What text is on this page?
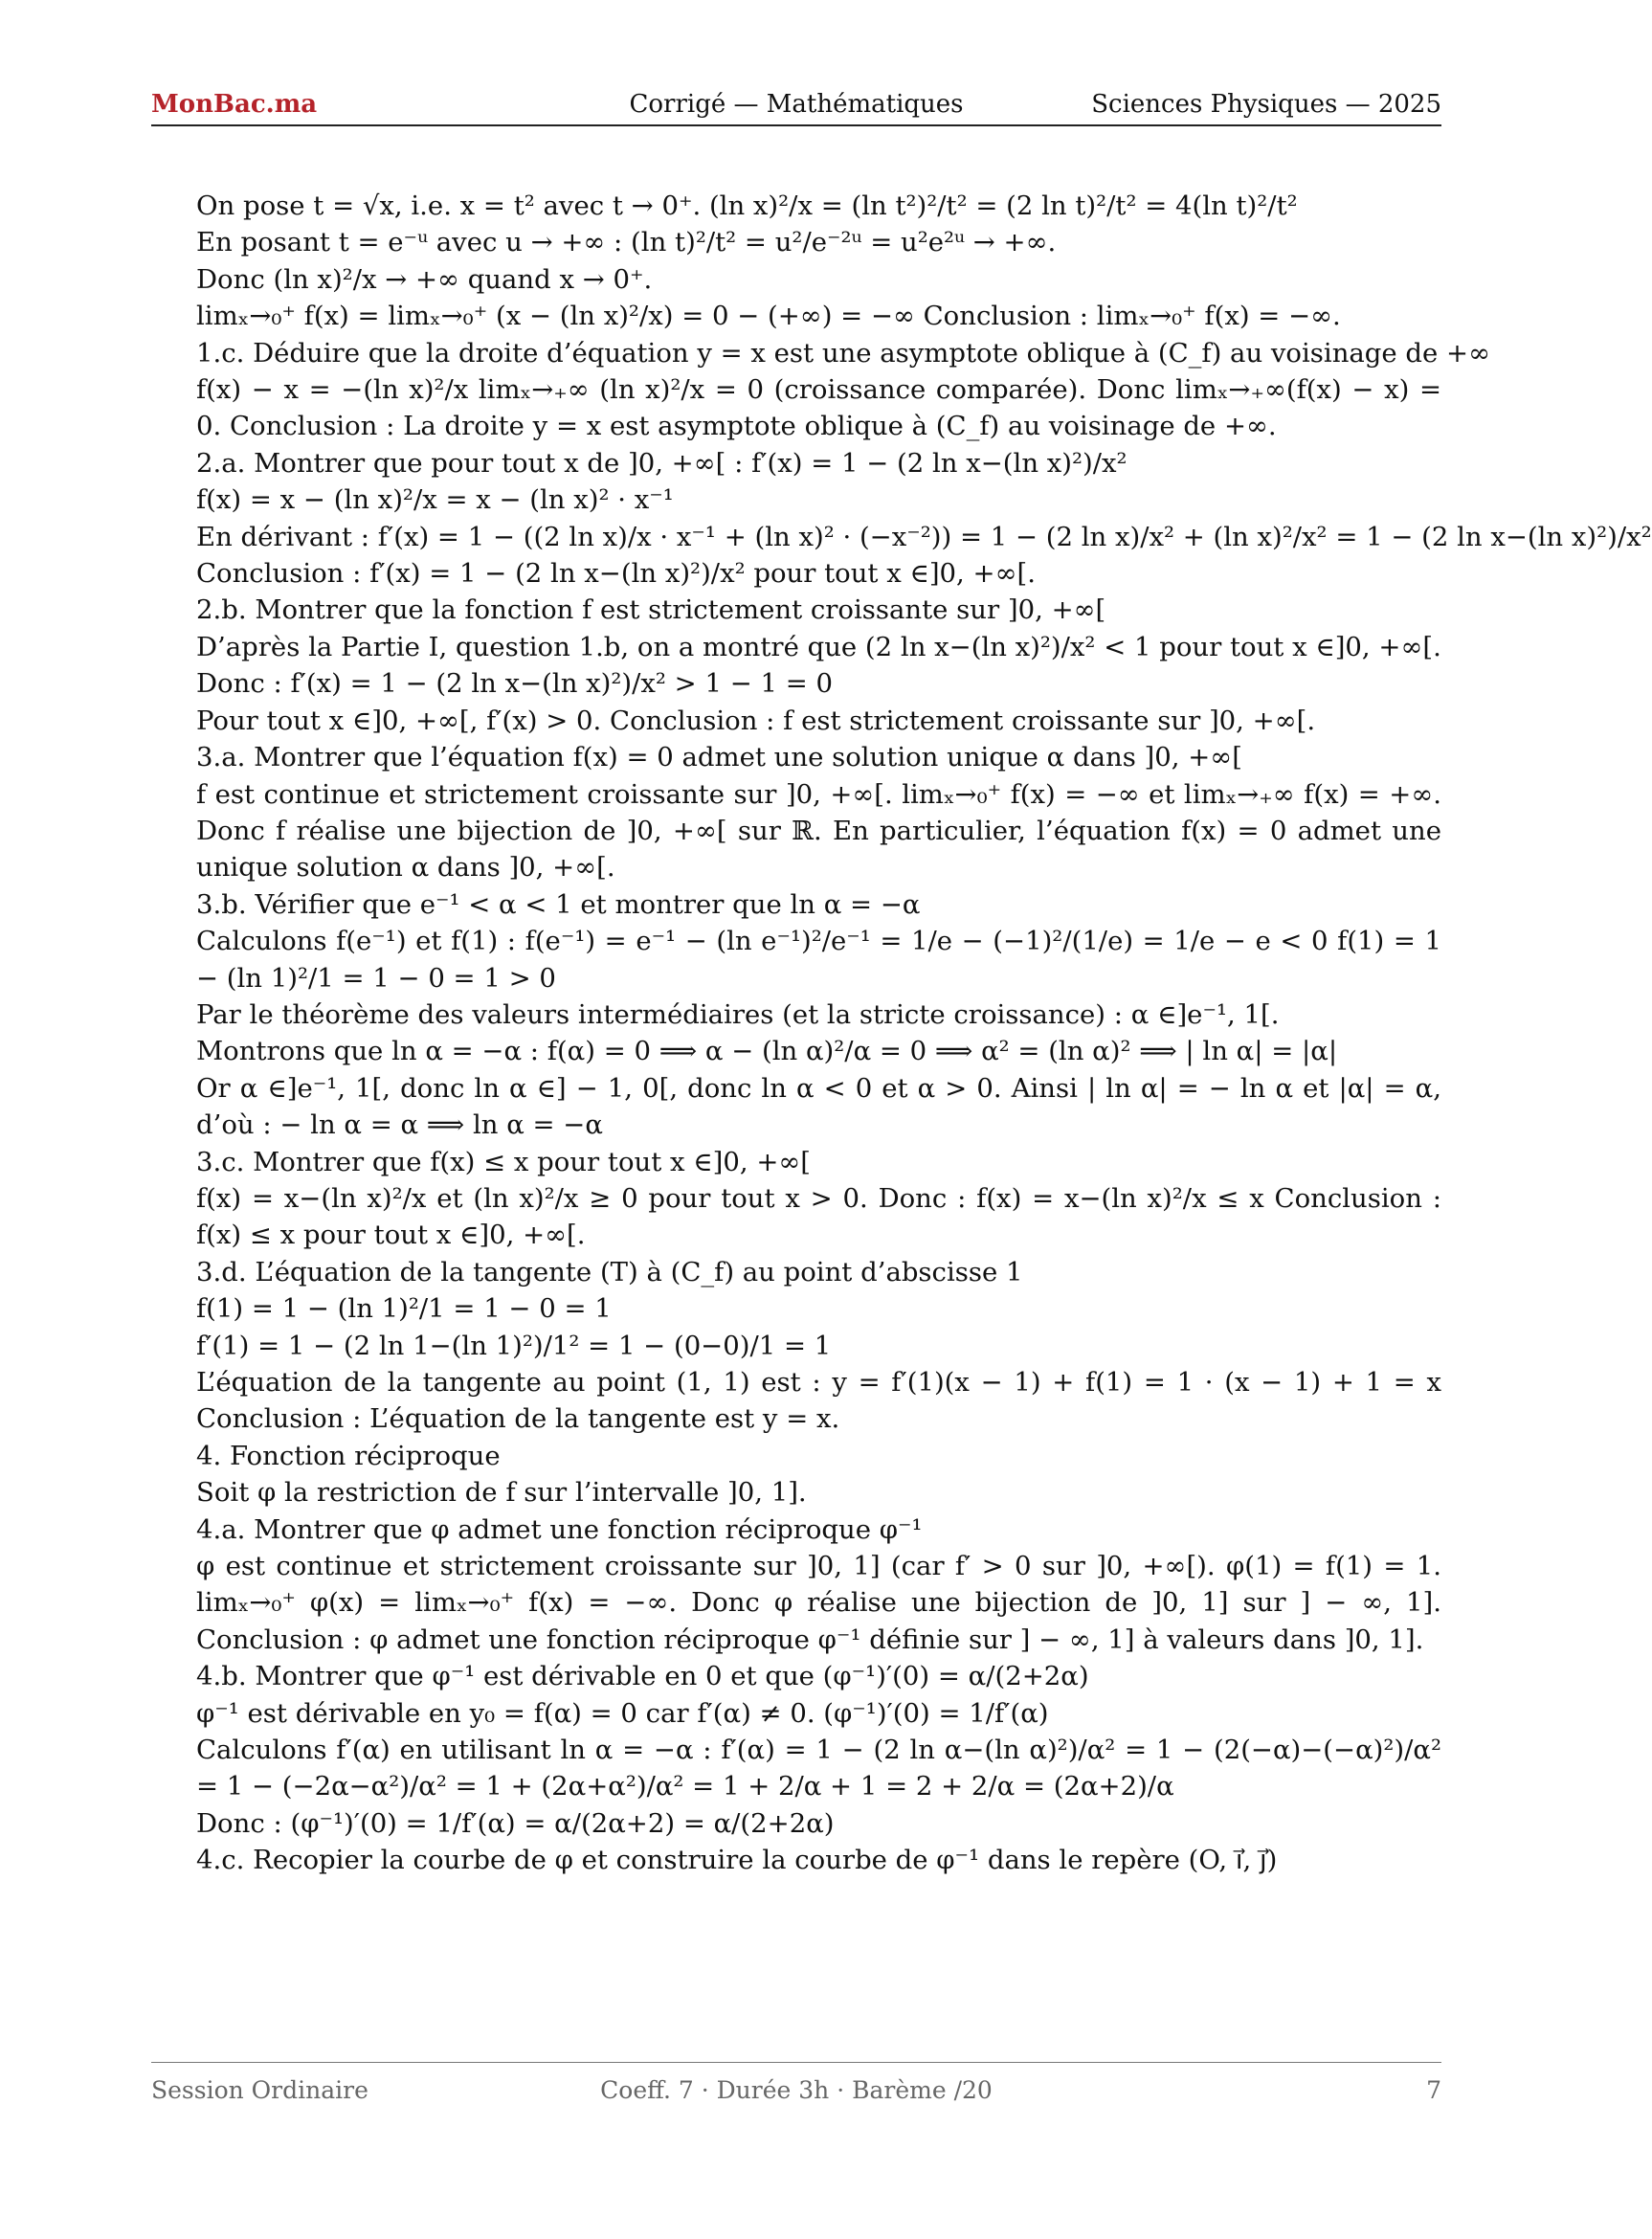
MonBac.ma	Corrigé — Mathématiques	Sciences Physiques — 2025
On pose t = √x, i.e. x = t² avec t → 0⁺. (ln x)²/x = (ln t²)²/t² = (2 ln t)²/t² = 4(ln t)²/t²
En posant t = e⁻ᵘ avec u → +∞ : (ln t)²/t² = u²/e⁻²ᵘ = u²e²ᵘ → +∞.
Donc (ln x)²/x → +∞ quand x → 0⁺.
limₓ→₀⁺ f(x) = limₓ→₀⁺ (x − (ln x)²/x) = 0 − (+∞) = −∞ Conclusion : limₓ→₀⁺ f(x) = −∞.
1.c. Déduire que la droite d’équation y = x est une asymptote oblique à (C_f) au voisinage de +∞
f(x) − x = −(ln x)²/x limₓ→₊∞ (ln x)²/x = 0 (croissance comparée). Donc limₓ→₊∞(f(x) − x) = 0. Conclusion : La droite y = x est asymptote oblique à (C_f) au voisinage de +∞.
2.a. Montrer que pour tout x de ]0, +∞[ : f′(x) = 1 − (2 ln x−(ln x)²)/x²
f(x) = x − (ln x)²/x = x − (ln x)² · x⁻¹
En dérivant : f′(x) = 1 − ((2 ln x)/x · x⁻¹ + (ln x)² · (−x⁻²)) = 1 − (2 ln x)/x² + (ln x)²/x² = 1 − (2 ln x−(ln x)²)/x²
Conclusion : f′(x) = 1 − (2 ln x−(ln x)²)/x² pour tout x ∈]0, +∞[.
2.b. Montrer que la fonction f est strictement croissante sur ]0, +∞[
D’après la Partie I, question 1.b, on a montré que (2 ln x−(ln x)²)/x² < 1 pour tout x ∈]0, +∞[.
Donc : f′(x) = 1 − (2 ln x−(ln x)²)/x² > 1 − 1 = 0
Pour tout x ∈]0, +∞[, f′(x) > 0. Conclusion : f est strictement croissante sur ]0, +∞[.
3.a. Montrer que l’équation f(x) = 0 admet une solution unique α dans ]0, +∞[
f est continue et strictement croissante sur ]0, +∞[. limₓ→₀⁺ f(x) = −∞ et limₓ→₊∞ f(x) = +∞. Donc f réalise une bijection de ]0, +∞[ sur ℝ. En particulier, l’équation f(x) = 0 admet une unique solution α dans ]0, +∞[.
3.b. Vérifier que e⁻¹ < α < 1 et montrer que ln α = −α
Calculons f(e⁻¹) et f(1) : f(e⁻¹) = e⁻¹ − (ln e⁻¹)²/e⁻¹ = 1/e − (−1)²/(1/e) = 1/e − e < 0 f(1) = 1 − (ln 1)²/1 = 1 − 0 = 1 > 0
Par le théorème des valeurs intermédiaires (et la stricte croissance) : α ∈]e⁻¹, 1[.
Montrons que ln α = −α : f(α) = 0 ⟹ α − (ln α)²/α = 0 ⟹ α² = (ln α)² ⟹ | ln α| = |α|
Or α ∈]e⁻¹, 1[, donc ln α ∈] − 1, 0[, donc ln α < 0 et α > 0. Ainsi | ln α| = − ln α et |α| = α, d’où : − ln α = α ⟹ ln α = −α
3.c. Montrer que f(x) ≤ x pour tout x ∈]0, +∞[
f(x) = x−(ln x)²/x et (ln x)²/x ≥ 0 pour tout x > 0. Donc : f(x) = x−(ln x)²/x ≤ x Conclusion : f(x) ≤ x pour tout x ∈]0, +∞[.
3.d. L’équation de la tangente (T) à (C_f) au point d’abscisse 1
f(1) = 1 − (ln 1)²/1 = 1 − 0 = 1
f′(1) = 1 − (2 ln 1−(ln 1)²)/1² = 1 − (0−0)/1 = 1
L’équation de la tangente au point (1, 1) est : y = f′(1)(x − 1) + f(1) = 1 · (x − 1) + 1 = x Conclusion : L’équation de la tangente est y = x.
4. Fonction réciproque
Soit φ la restriction de f sur l’intervalle ]0, 1].
4.a. Montrer que φ admet une fonction réciproque φ⁻¹
φ est continue et strictement croissante sur ]0, 1] (car f′ > 0 sur ]0, +∞[). φ(1) = f(1) = 1. limₓ→₀⁺ φ(x) = limₓ→₀⁺ f(x) = −∞. Donc φ réalise une bijection de ]0, 1] sur ] − ∞, 1]. Conclusion : φ admet une fonction réciproque φ⁻¹ définie sur ] − ∞, 1] à valeurs dans ]0, 1].
4.b. Montrer que φ⁻¹ est dérivable en 0 et que (φ⁻¹)′(0) = α/(2+2α)
φ⁻¹ est dérivable en y₀ = f(α) = 0 car f′(α) ≠ 0. (φ⁻¹)′(0) = 1/f′(α)
Calculons f′(α) en utilisant ln α = −α : f′(α) = 1 − (2 ln α−(ln α)²)/α² = 1 − (2(−α)−(−α)²)/α² = 1 − (−2α−α²)/α² = 1 + (2α+α²)/α² = 1 + 2/α + 1 = 2 + 2/α = (2α+2)/α
Donc : (φ⁻¹)′(0) = 1/f′(α) = α/(2α+2) = α/(2+2α)
4.c. Recopier la courbe de φ et construire la courbe de φ⁻¹ dans le repère (O, i⃗, j⃗)
Session Ordinaire	Coeff. 7 · Durée 3h · Barème /20	7
